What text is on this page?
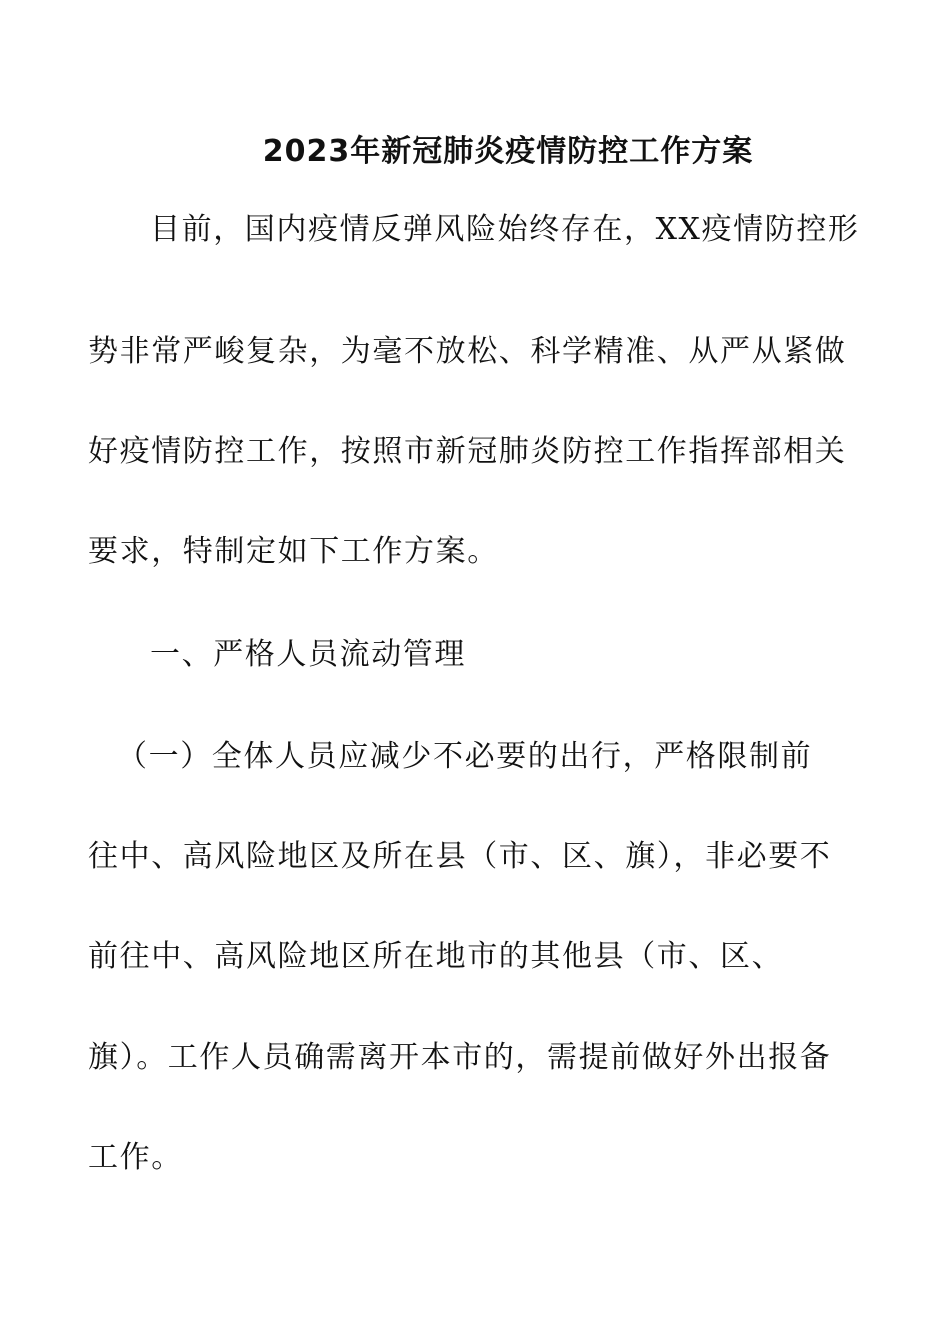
2023年新冠肺炎疫情防控工作方案

目前，国内疫情反弹风险始终存在，XX疫情防控形

势非常严峻复杂，为毫不放松、科学精准、从严从紧做

好疫情防控工作，按照市新冠肺炎防控工作指挥部相关

要求，特制定如下工作方案。

一、严格人员流动管理

（一）全体人员应减少不必要的出行，严格限制前

往中、高风险地区及所在县（市、区、旗），非必要不

前往中、高风险地区所在地市的其他县（市、区、

旗）。工作人员确需离开本市的，需提前做好外出报备

工作。
